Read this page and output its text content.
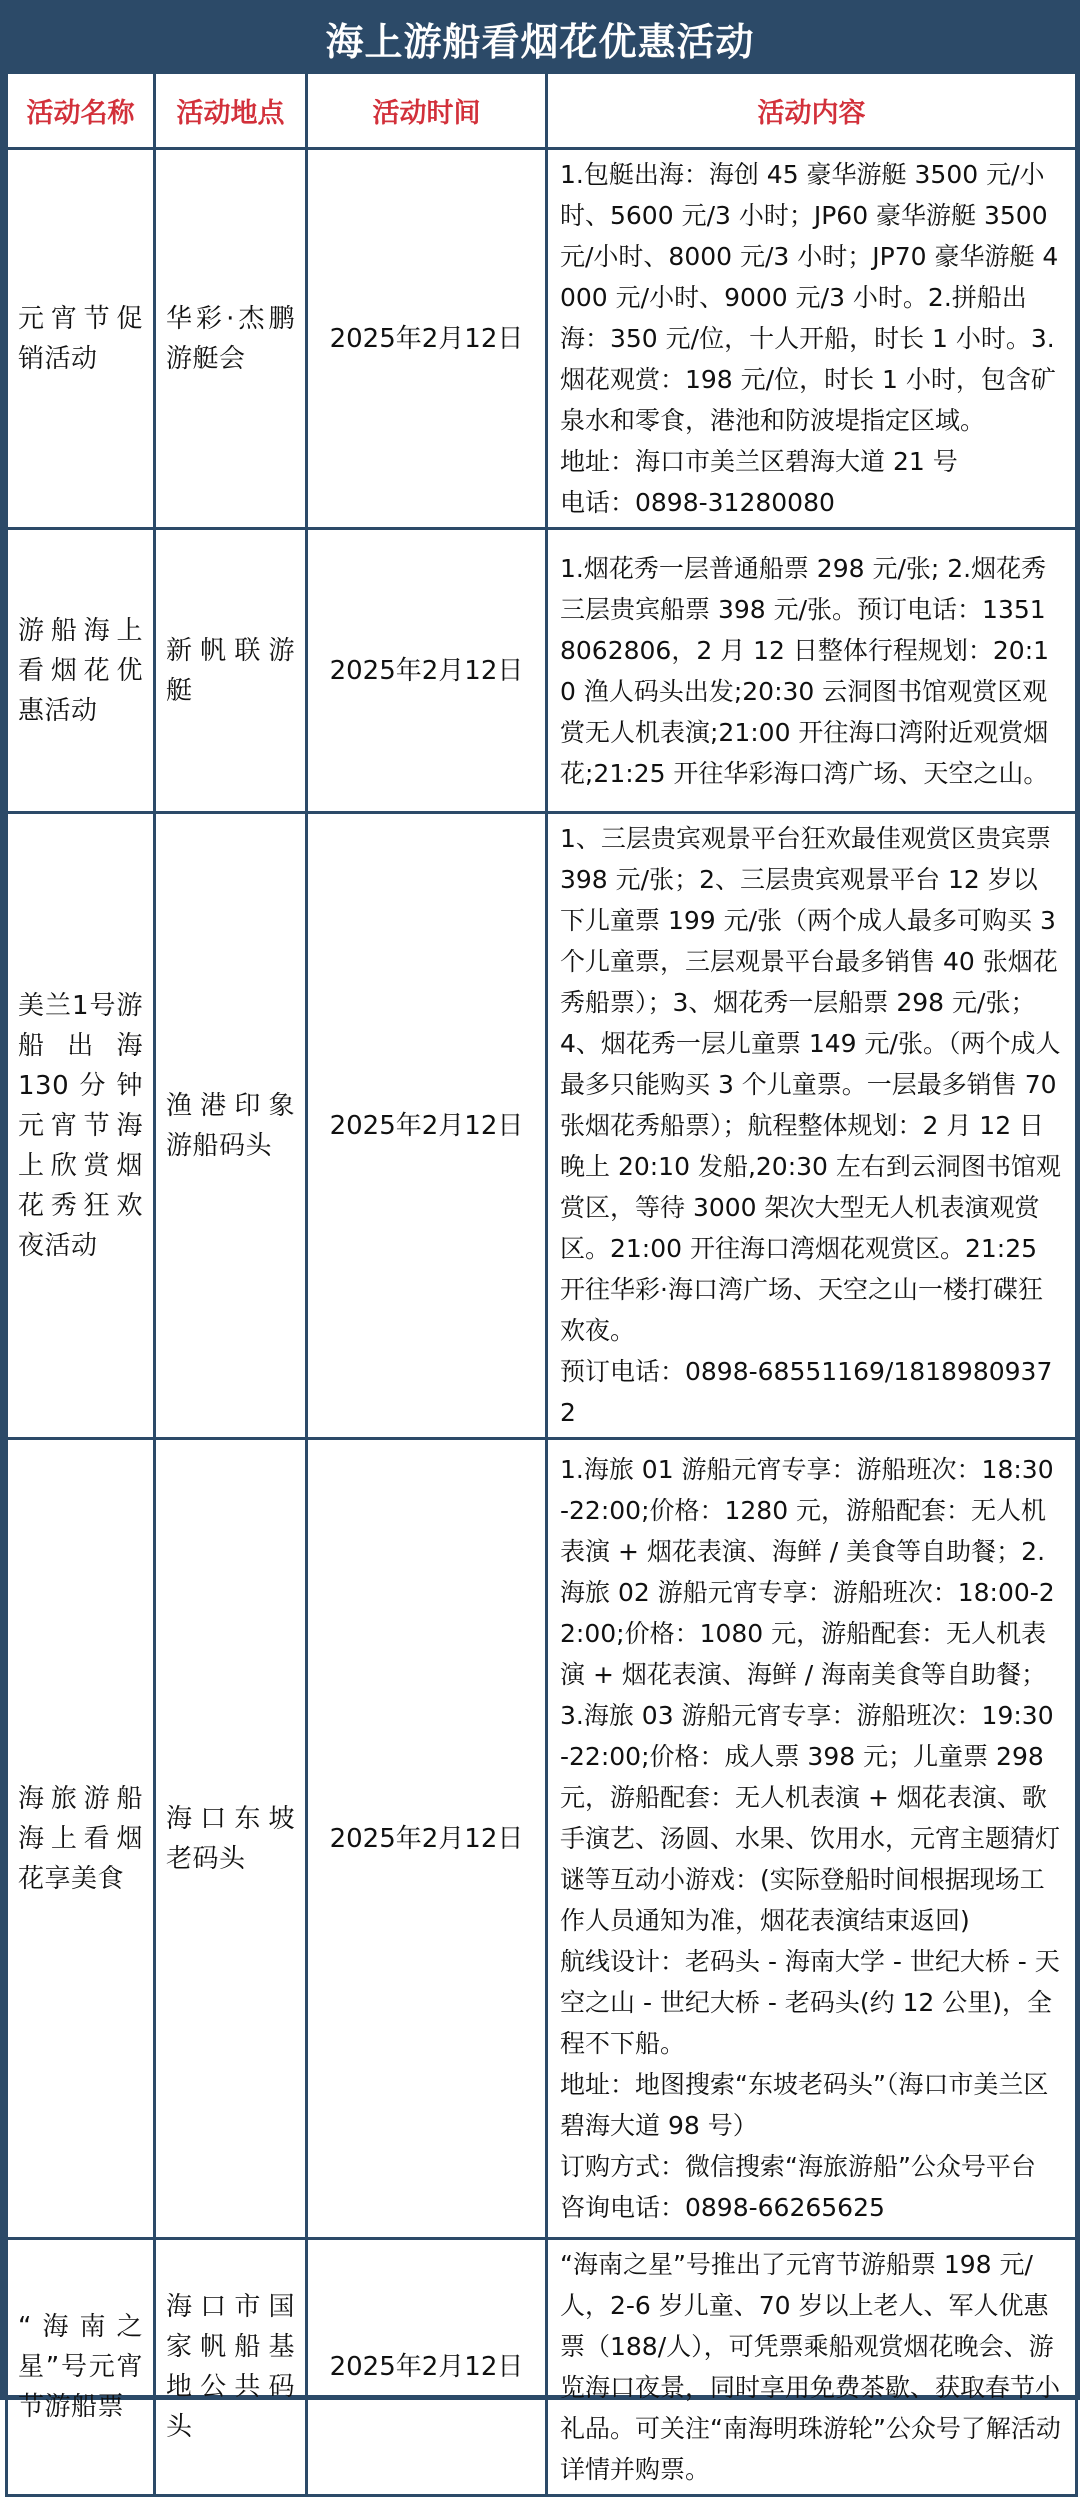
海上游船看烟花优惠活动
活动名称	活动地点	活动时间	活动内容
元宵节促销活动	华彩·杰鹏游艇会	2025年2月12日	1.包艇出海：海创 45 豪华游艇 3500 元/小时、5600 元/3 小时；JP60 豪华游艇 3500 元/小时、8000 元/3 小时；JP70 豪华游艇 4000 元/小时、9000 元/3 小时。2.拼船出海：350 元/位，十人开船，时长 1 小时。3.烟花观赏：198 元/位，时长 1 小时，包含矿泉水和零食，港池和防波堤指定区域。
地址：海口市美兰区碧海大道 21 号
电话：0898-31280080

游船海上看烟花优惠活动	新帆联游艇	2025年2月12日	1.烟花秀一层普通船票 298 元/张; 2.烟花秀三层贵宾船票 398 元/张。预订电话：13518062806，2 月 12 日整体行程规划：20:10 渔人码头出发;20:30 云洞图书馆观赏区观赏无人机表演;21:00 开往海口湾附近观赏烟花;21:25 开往华彩海口湾广场、天空之山。

美兰1号游船出海130分钟元宵节海上欣赏烟花秀狂欢夜活动	渔港印象游船码头	2025年2月12日	1、三层贵宾观景平台狂欢最佳观赏区贵宾票 398 元/张；2、三层贵宾观景平台 12 岁以下儿童票 199 元/张（两个成人最多可购买 3 个儿童票，三层观景平台最多销售 40 张烟花秀船票）；3、烟花秀一层船票 298 元/张；4、烟花秀一层儿童票 149 元/张。（两个成人最多只能购买 3 个儿童票。一层最多销售 70 张烟花秀船票）；航程整体规划：2 月 12 日晚上 20:10 发船,20:30 左右到云洞图书馆观赏区，等待 3000 架次大型无人机表演观赏区。21:00 开往海口湾烟花观赏区。21:25 开往华彩·海口湾广场、天空之山一楼打碟狂欢夜。
预订电话：0898-68551169/18189809372

海旅游船海上看烟花享美食	海口东坡老码头	2025年2月12日	1.海旅 01 游船元宵专享：游船班次：18:30-22:00;价格：1280 元，游船配套：无人机表演 + 烟花表演、海鲜 / 美食等自助餐；2.海旅 02 游船元宵专享：游船班次：18:00-22:00;价格：1080 元，游船配套：无人机表演 + 烟花表演、海鲜 / 海南美食等自助餐；3.海旅 03 游船元宵专享：游船班次：19:30-22:00;价格：成人票 398 元；儿童票 298 元，游船配套：无人机表演 + 烟花表演、歌手演艺、汤圆、水果、饮用水，元宵主题猜灯谜等互动小游戏：(实际登船时间根据现场工作人员通知为准，烟花表演结束返回)
航线设计：老码头 - 海南大学 - 世纪大桥 - 天空之山 - 世纪大桥 - 老码头(约 12 公里)，全程不下船。
地址：地图搜索“东坡老码头”（海口市美兰区碧海大道 98 号）
订购方式：微信搜索“海旅游船”公众号平台
咨询电话：0898-66265625

“海南之星”号元宵节游船票	海口市国家帆船基地公共码头	2025年2月12日	“海南之星”号推出了元宵节游船票 198 元/人，2-6 岁儿童、70 岁以上老人、军人优惠票（188/人），可凭票乘船观赏烟花晚会、游览海口夜景，同时享用免费茶歇、获取春节小礼品。可关注“南海明珠游轮”公众号了解活动详情并购票。
